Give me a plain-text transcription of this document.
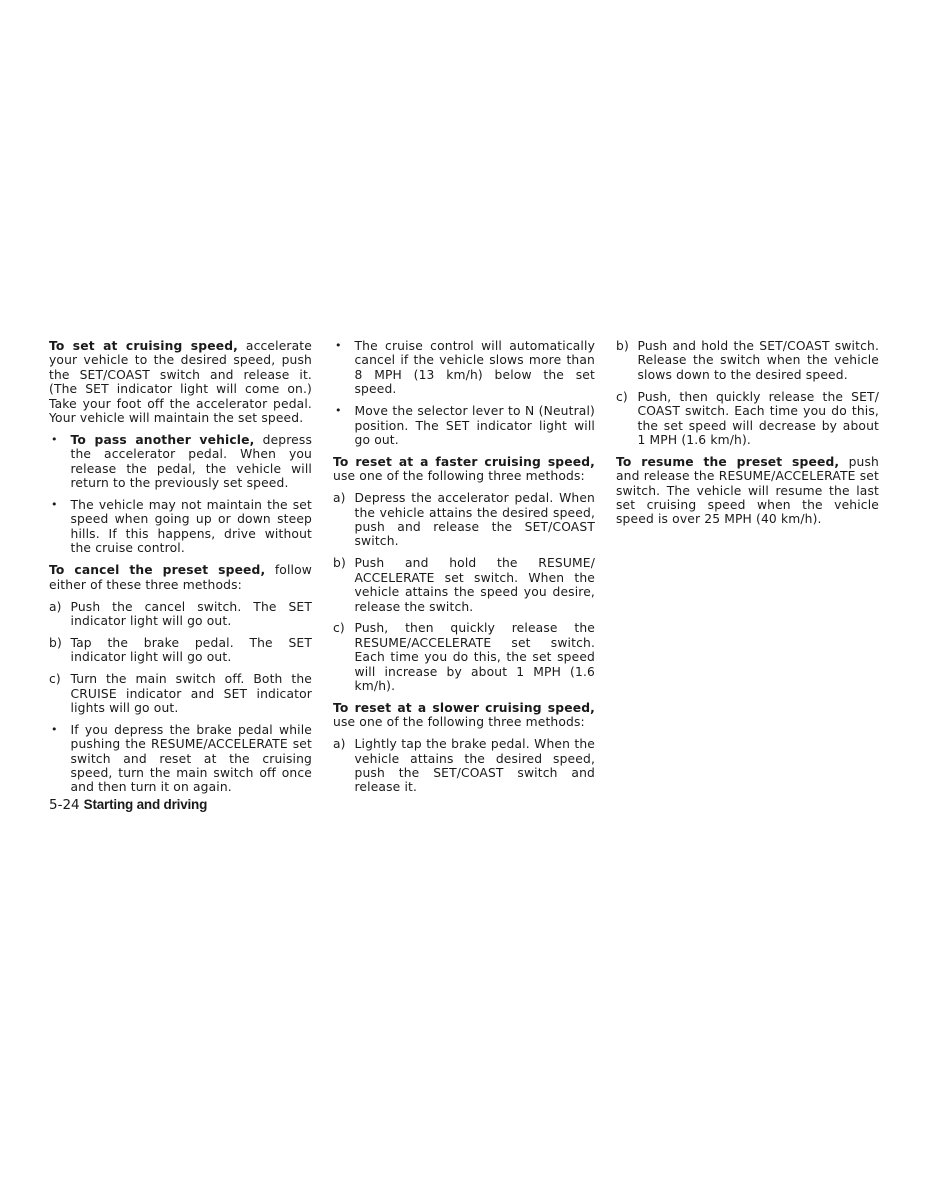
To set at cruising speed, accelerate your vehicle to the desired speed, push the SET/COAST switch and release it. (The SET indicator light will come on.) Take your foot off the accelerator pedal. Your vehicle will maintain the set speed.

• To pass another vehicle, depress the accelerator pedal. When you release the pedal, the vehicle will return to the previously set speed.
• The vehicle may not maintain the set speed when going up or down steep hills. If this happens, drive without the cruise control.

To cancel the preset speed, follow either of these three methods:

a) Push the cancel switch. The SET indicator light will go out.
b) Tap the brake pedal. The SET indicator light will go out.
c) Turn the main switch off. Both the CRUISE indicator and SET indicator lights will go out.
• If you depress the brake pedal while pushing the RESUME/ACCELERATE set switch and reset at the cruising speed, turn the main switch off once and then turn it on again.
• The cruise control will automatically cancel if the vehicle slows more than 8 MPH (13 km/h) below the set speed.
• Move the selector lever to N (Neutral) position. The SET indicator light will go out.

To reset at a faster cruising speed, use one of the following three methods:

a) Depress the accelerator pedal. When the vehicle attains the desired speed, push and release the SET/COAST switch.
b) Push and hold the RESUME/ ACCELERATE set switch. When the vehicle attains the speed you desire, release the switch.
c) Push, then quickly release the RESUME/ACCELERATE set switch. Each time you do this, the set speed will increase by about 1 MPH (1.6 km/h).

To reset at a slower cruising speed, use one of the following three methods:

a) Lightly tap the brake pedal. When the vehicle attains the desired speed, push the SET/COAST switch and release it.
b) Push and hold the SET/COAST switch. Release the switch when the vehicle slows down to the desired speed.
c) Push, then quickly release the SET/ COAST switch. Each time you do this, the set speed will decrease by about 1 MPH (1.6 km/h).

To resume the preset speed, push and release the RESUME/ACCELERATE set switch. The vehicle will resume the last set cruising speed when the vehicle speed is over 25 MPH (40 km/h).

5-24 Starting and driving
